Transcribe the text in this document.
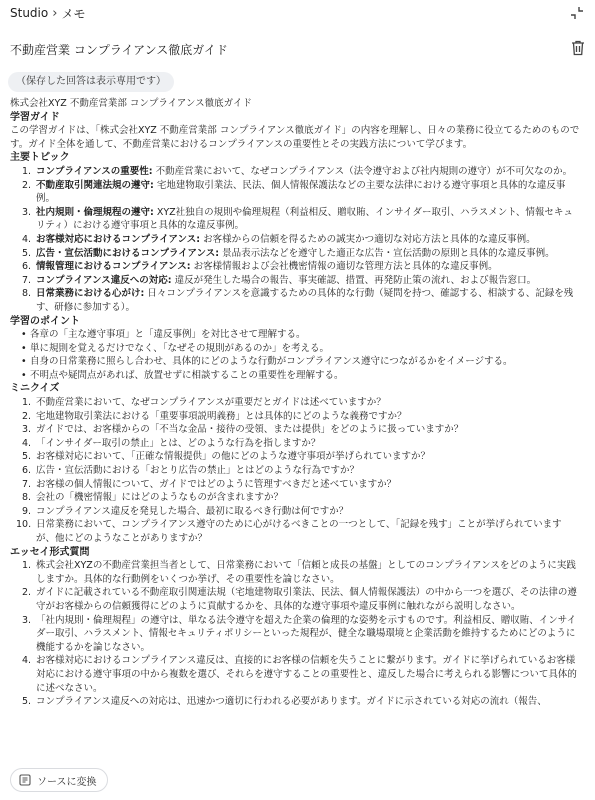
Studio › メモ
不動産営業 コンプライアンス徹底ガイド
（保存した回答は表示専用です）

株式会社XYZ 不動産営業部 コンプライアンス徹底ガイド

学習ガイド

この学習ガイドは、「株式会社XYZ 不動産営業部 コンプライアンス徹底ガイド」の内容を理解し、日々の業務に役立てるためのものです。ガイド全体を通して、不動産営業におけるコンプライアンスの重要性とその実践方法について学びます。

主要トピック

1. コンプライアンスの重要性: 不動産営業において、なぜコンプライアンス（法令遵守および社内規則の遵守）が不可欠なのか。
2. 不動産取引関連法規の遵守: 宅地建物取引業法、民法、個人情報保護法などの主要な法律における遵守事項と具体的な違反事例。
3. 社内規則・倫理規程の遵守: XYZ社独自の規則や倫理規程（利益相反、贈収賄、インサイダー取引、ハラスメント、情報セキュリティ）における遵守事項と具体的な違反事例。
4. お客様対応におけるコンプライアンス: お客様からの信頼を得るための誠実かつ適切な対応方法と具体的な違反事例。
5. 広告・宣伝活動におけるコンプライアンス: 景品表示法などを遵守した適正な広告・宣伝活動の原則と具体的な違反事例。
6. 情報管理におけるコンプライアンス: お客様情報および会社機密情報の適切な管理方法と具体的な違反事例。
7. コンプライアンス違反への対応: 違反が発生した場合の報告、事実確認、措置、再発防止策の流れ、および報告窓口。
8. 日常業務における心がけ: 日々コンプライアンスを意識するための具体的な行動（疑問を持つ、確認する、相談する、記録を残す、研修に参加する）。

学習のポイント

• 各章の「主な遵守事項」と「違反事例」を対比させて理解する。
• 単に規則を覚えるだけでなく、「なぜその規則があるのか」を考える。
• 自身の日常業務に照らし合わせ、具体的にどのような行動がコンプライアンス遵守につながるかをイメージする。
• 不明点や疑問点があれば、放置せずに相談することの重要性を理解する。

ミニクイズ

1. 不動産営業において、なぜコンプライアンスが重要だとガイドは述べていますか？
2. 宅地建物取引業法における「重要事項説明義務」とは具体的にどのような義務ですか？
3. ガイドでは、お客様からの「不当な金品・接待の受領、または提供」をどのように扱っていますか？
4. 「インサイダー取引の禁止」とは、どのような行為を指しますか？
5. お客様対応において、「正確な情報提供」の他にどのような遵守事項が挙げられていますか？
6. 広告・宣伝活動における「おとり広告の禁止」とはどのような行為ですか？
7. お客様の個人情報について、ガイドではどのように管理すべきだと述べていますか？
8. 会社の「機密情報」にはどのようなものが含まれますか？
9. コンプライアンス違反を発見した場合、最初に取るべき行動は何ですか？
10. 日常業務において、コンプライアンス遵守のために心がけるべきことの一つとして、「記録を残す」ことが挙げられていますが、他にどのようなことがありますか？

エッセイ形式質問

1. 株式会社XYZの不動産営業担当者として、日常業務において「信頼と成長の基盤」としてのコンプライアンスをどのように実践しますか。具体的な行動例をいくつか挙げ、その重要性を論じなさい。
2. ガイドに記載されている不動産取引関連法規（宅地建物取引業法、民法、個人情報保護法）の中から一つを選び、その法律の遵守がお客様からの信頼獲得にどのように貢献するかを、具体的な遵守事項や違反事例に触れながら説明しなさい。
3. 「社内規則・倫理規程」の遵守は、単なる法令遵守を超えた企業の倫理的な姿勢を示すものです。利益相反、贈収賄、インサイダー取引、ハラスメント、情報セキュリティポリシーといった規程が、健全な職場環境と企業活動を維持するためにどのように機能するかを論じなさい。
4. お客様対応におけるコンプライアンス違反は、直接的にお客様の信頼を失うことに繋がります。ガイドに挙げられているお客様対応における遵守事項の中から複数を選び、それらを遵守することの重要性と、違反した場合に考えられる影響について具体的に述べなさい。
5. コンプライアンス違反への対応は、迅速かつ適切に行われる必要があります。ガイドに示されている対応の流れ（報告、
ソースに変換
